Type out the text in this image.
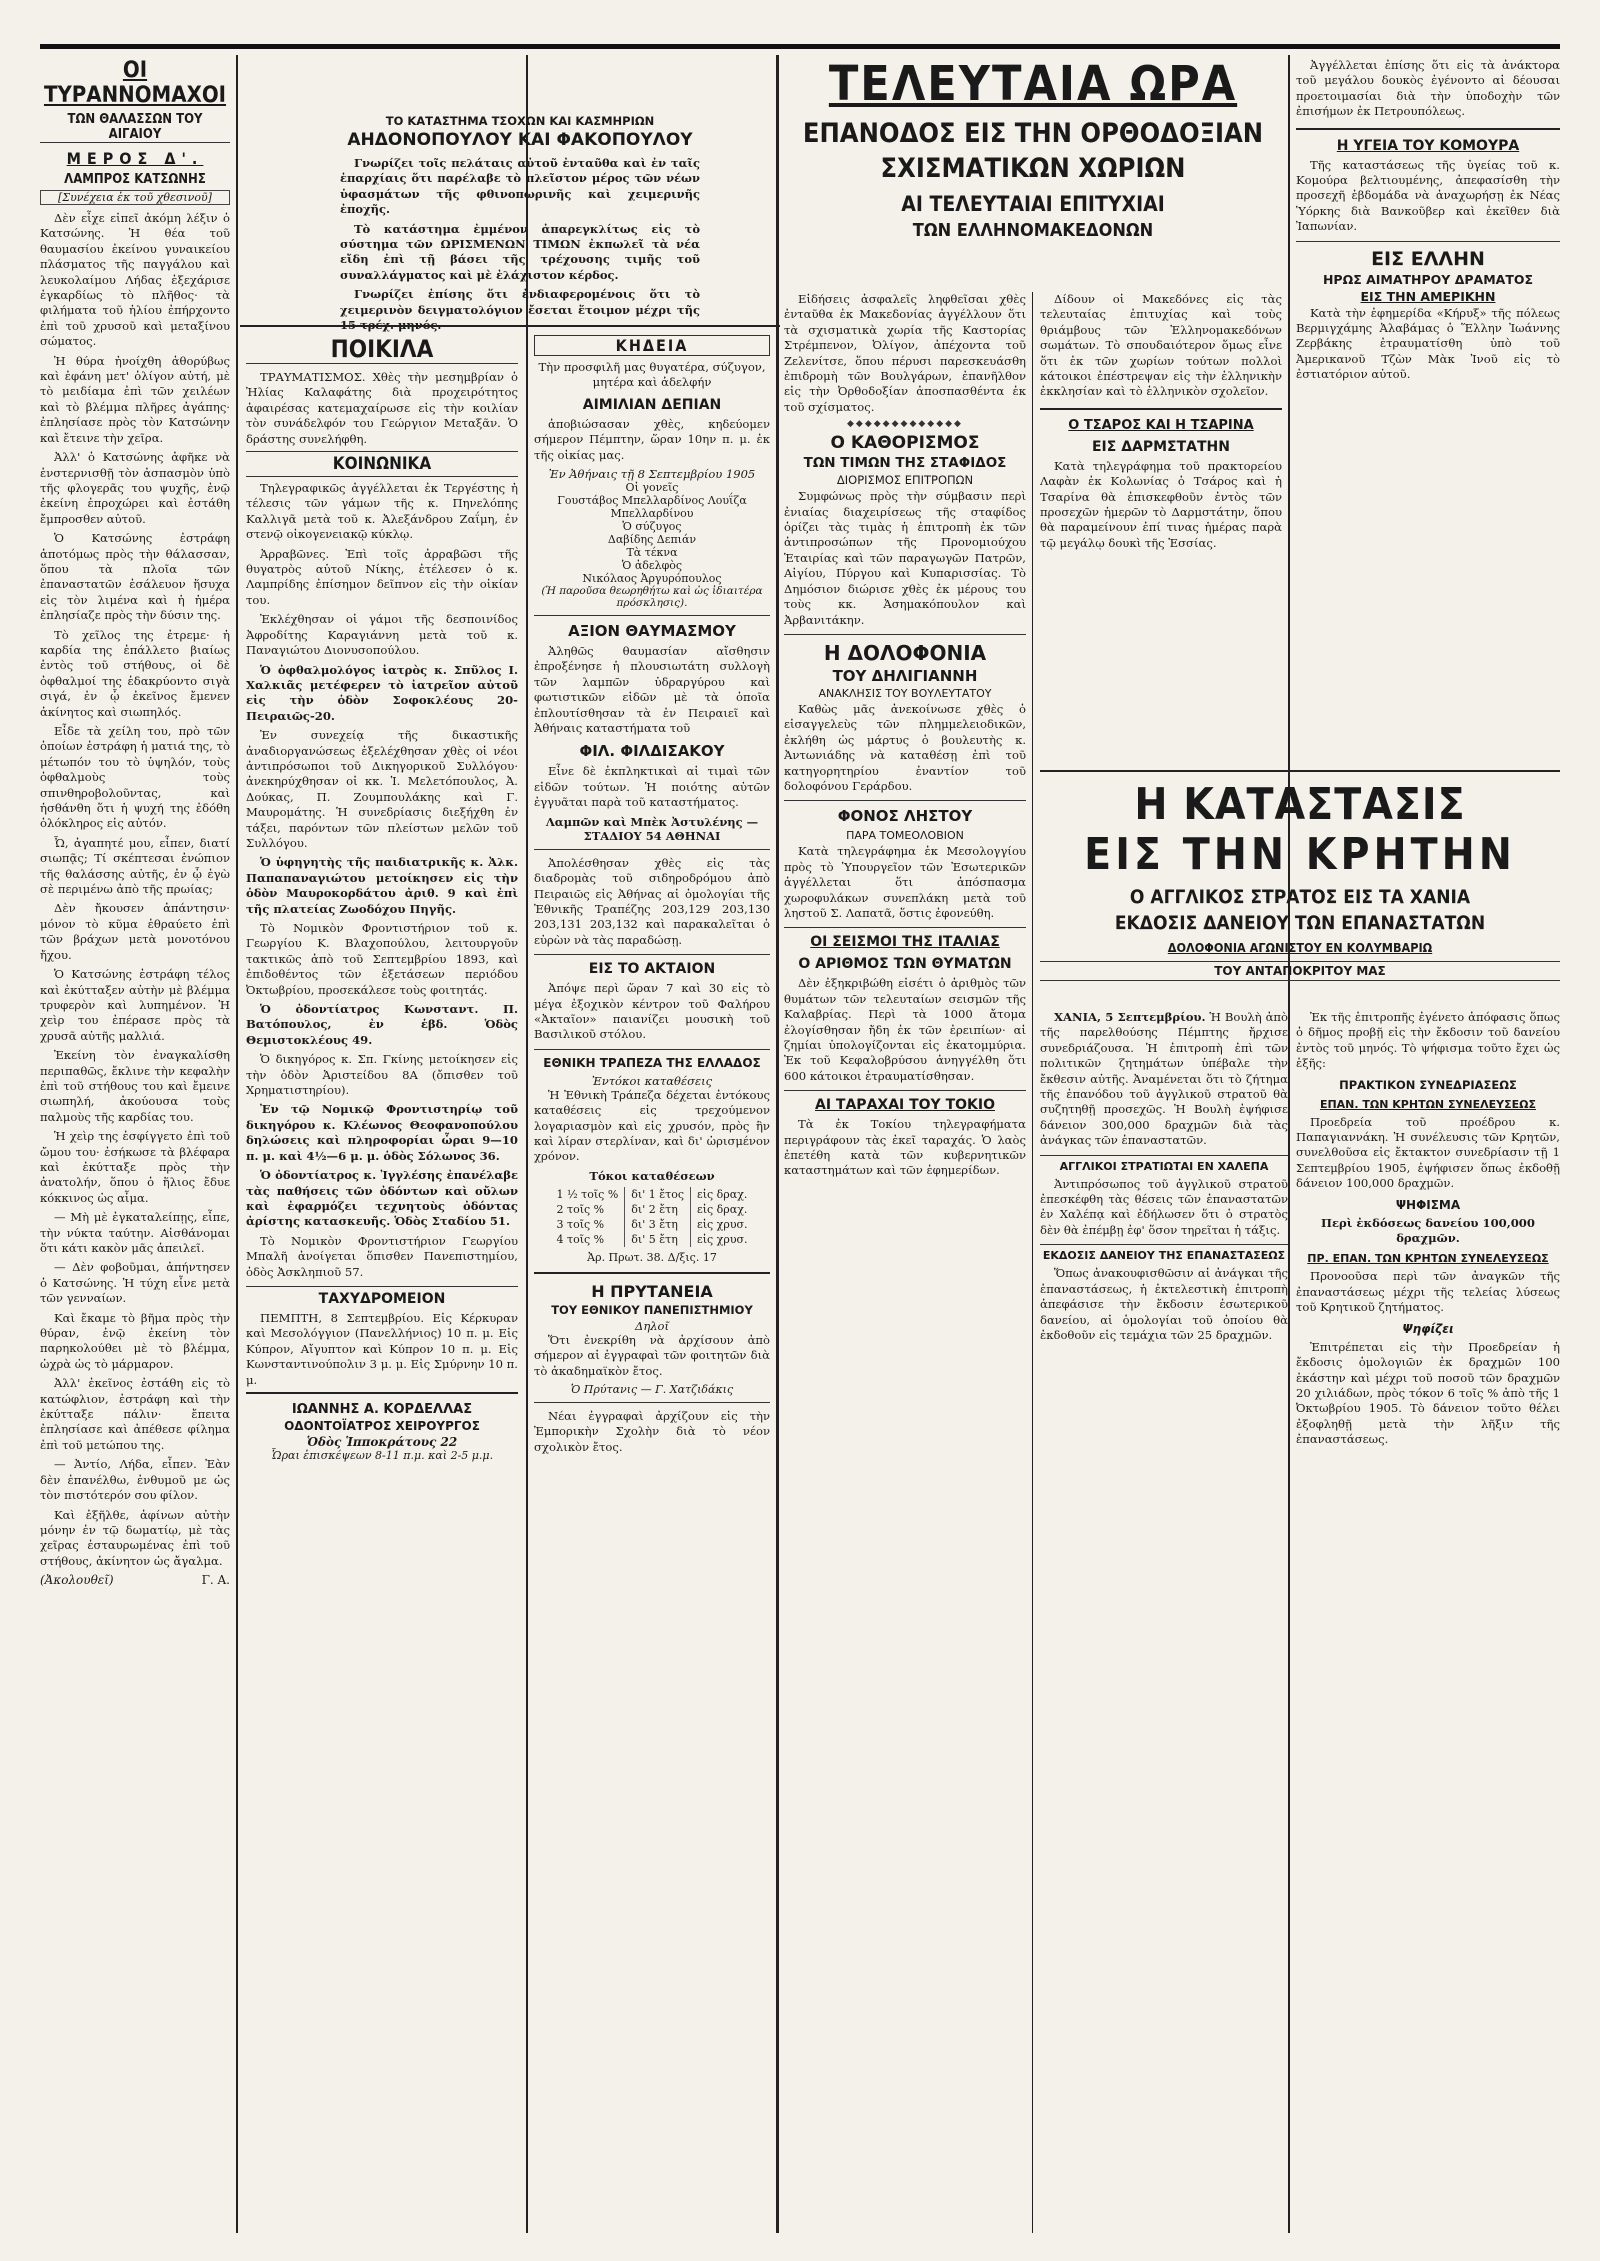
ΟΙ ΤΥΡΑΝΝΟΜΑΧΟΙ
ΤΩΝ ΘΑΛΑΣΣΩΝ ΤΟΥ ΑΙΓΑΙΟΥ
ΜΕΡΟΣ Δ'.
ΛΑΜΠΡΟΣ ΚΑΤΣΩΝΗΣ
[Συνέχεια ἐκ τοῦ χθεσινοῦ]

Δὲν εἶχε εἰπεῖ ἀκόμη λέξιν ὁ Κατσώνης. Ἡ θέα τοῦ θαυμασίου ἐκείνου γυναικείου πλάσματος τῆς παγγάλου καὶ λευκολαίμου Λήδας ἐξεχάρισε ἐγκαρδίως τὸ πλῆθος· τὰ φιλήματα τοῦ ἡλίου ἐπήρχοντο ἐπὶ τοῦ χρυσοῦ καὶ μεταξίνου σώματος.

Ἡ θύρα ἠνοίχθη ἀθορύβως καὶ ἐφάνη μετ' ὀλίγον αὐτή, μὲ τὸ μειδίαμα ἐπὶ τῶν χειλέων καὶ τὸ βλέμμα πλῆρες ἀγάπης· ἐπλησίασε πρὸς τὸν Κατσώνην καὶ ἔτεινε τὴν χεῖρα.

Ἀλλ' ὁ Κατσώνης ἀφῆκε νὰ ἐνστερνισθῇ τὸν ἀσπασμὸν ὑπὸ τῆς φλογερᾶς του ψυχῆς, ἐνῷ ἐκείνη ἐπροχώρει καὶ ἐστάθη ἔμπροσθεν αὐτοῦ.

Ὁ Κατσώνης ἐστράφη ἀποτόμως πρὸς τὴν θάλασσαν, ὅπου τὰ πλοῖα τῶν ἐπαναστατῶν ἐσάλευον ἥσυχα εἰς τὸν λιμένα καὶ ἡ ἡμέρα ἐπλησίαζε πρὸς τὴν δύσιν της.

Τὸ χεῖλος της ἐτρεμε· ἡ καρδία της ἐπάλλετο βιαίως ἐντὸς τοῦ στήθους, οἱ δὲ ὀφθαλμοί της ἐδακρύοντο σιγὰ σιγά, ἐν ᾧ ἐκεῖνος ἔμενεν ἀκίνητος καὶ σιωπηλός.

Εἶδε τὰ χείλη του, πρὸ τῶν ὁποίων ἐστράφη ἡ ματιά της, τὸ μέτωπόν του τὸ ὑψηλόν, τοὺς ὀφθαλμοὺς τοὺς σπινθηροβολοῦντας, καὶ ἠσθάνθη ὅτι ἡ ψυχή της ἐδόθη ὁλόκληρος εἰς αὐτόν.

Ὦ, ἀγαπητέ μου, εἶπεν, διατί σιωπᾷς; Τί σκέπτεσαι ἐνώπιον τῆς θαλάσσης αὐτῆς, ἐν ᾧ ἐγὼ σὲ περιμένω ἀπὸ τῆς πρωίας;

Δὲν ἤκουσεν ἀπάντησιν· μόνον τὸ κῦμα ἐθραύετο ἐπὶ τῶν βράχων μετὰ μονοτόνου ἤχου.

Ὁ Κατσώνης ἐστράφη τέλος καὶ ἐκύτταξεν αὐτὴν μὲ βλέμμα τρυφερὸν καὶ λυπημένον. Ἡ χεὶρ του ἐπέρασε πρὸς τὰ χρυσᾶ αὐτῆς μαλλιά.

Ἐκείνη τὸν ἐναγκαλίσθη περιπαθῶς, ἔκλινε τὴν κεφαλὴν ἐπὶ τοῦ στήθους του καὶ ἔμεινε σιωπηλή, ἀκούουσα τοὺς παλμοὺς τῆς καρδίας του.

Ἡ χεὶρ της ἐσφίγγετο ἐπὶ τοῦ ὤμου του· ἐσήκωσε τὰ βλέφαρα καὶ ἐκύτταξε πρὸς τὴν ἀνατολήν, ὅπου ὁ ἥλιος ἔδυε κόκκινος ὡς αἷμα.

— Μὴ μὲ ἐγκαταλείπῃς, εἶπε, τὴν νύκτα ταύτην. Αἰσθάνομαι ὅτι κάτι κακὸν μᾶς ἀπειλεῖ.

— Δὲν φοβοῦμαι, ἀπήντησεν ὁ Κατσώνης. Ἡ τύχη εἶνε μετὰ τῶν γενναίων.

Καὶ ἔκαμε τὸ βῆμα πρὸς τὴν θύραν, ἐνῷ ἐκείνη τὸν παρηκολούθει μὲ τὸ βλέμμα, ὠχρὰ ὡς τὸ μάρμαρον.

Ἀλλ' ἐκεῖνος ἐστάθη εἰς τὸ κατώφλιον, ἐστράφη καὶ τὴν ἐκύτταξε πάλιν· ἔπειτα ἐπλησίασε καὶ ἀπέθεσε φίλημα ἐπὶ τοῦ μετώπου της.

— Ἀντίο, Λήδα, εἶπεν. Ἐὰν δὲν ἐπανέλθω, ἐνθυμοῦ με ὡς τὸν πιστότερόν σου φίλον.

Καὶ ἐξῆλθε, ἀφίνων αὐτὴν μόνην ἐν τῷ δωματίῳ, μὲ τὰς χεῖρας ἐσταυρωμένας ἐπὶ τοῦ στήθους, ἀκίνητον ὡς ἄγαλμα.

(Ἀκολουθεῖ)	Γ. Α.
ΤΟ ΚΑΤΑΣΤΗΜΑ ΤΣΟΧΩΝ ΚΑΙ ΚΑΣΜΗΡΙΩΝ
ΑΗΔΟΝΟΠΟΥΛΟΥ ΚΑΙ ΦΑΚΟΠΟΥΛΟΥ

Γνωρίζει τοῖς πελάταις αὐτοῦ ἐνταῦθα καὶ ἐν ταῖς ἐπαρχίαις ὅτι παρέλαβε τὸ πλεῖστον μέρος τῶν νέων ὑφασμάτων τῆς φθινοπωρινῆς καὶ χειμερινῆς ἐποχῆς.

Τὸ κατάστημα ἐμμένον ἀπαρεγκλίτως εἰς τὸ σύστημα τῶν ΩΡΙΣΜΕΝΩΝ ΤΙΜΩΝ ἐκπωλεῖ τὰ νέα εἴδη ἐπὶ τῇ βάσει τῆς τρέχουσης τιμῆς τοῦ συναλλάγματος καὶ μὲ ἐλάχιστον κέρδος.

Γνωρίζει ἐπίσης ὅτι ἐνδιαφερομένοις ὅτι τὸ χειμερινὸν δειγματολόγιον ἔσεται ἕτοιμον μέχρι τῆς

ΠΟΙΚΙΛΑ

ΤΡΑΥΜΑΤΙΣΜΟΣ. Χθὲς τὴν μεσημβρίαν ὁ Ἠλίας Καλαφάτης διὰ προχειρότητος ἀφαιρέσας κατεμαχαίρωσε εἰς τὴν κοιλίαν τὸν συνάδελφόν του Γεώργιον Μεταξᾶν. Ὁ δράστης συνελήφθη.

ΚΟΙΝΩΝΙΚΑ

Τηλεγραφικῶς ἀγγέλλεται ἐκ Τεργέστης ἡ τέλεσις τῶν γάμων τῆς κ. Πηνελόπης Καλλιγᾶ μετὰ τοῦ κ. Ἀλεξάνδρου Ζαΐμη, ἐν στενῷ οἰκογενειακῷ κύκλῳ.

Ἀρραβῶνες. Ἐπὶ τοῖς ἀρραβῶσι τῆς θυγατρὸς αὐτοῦ Νίκης, ἐτέλεσεν ὁ κ. Λαμπρίδης ἐπίσημον δεῖπνον εἰς τὴν οἰκίαν του.

Ἐκλέχθησαν οἱ γάμοι τῆς δεσποινίδος Ἀφροδίτης Καραγιάννη μετὰ τοῦ κ. Παναγιώτου Διονυσοπούλου.

Ὁ ὀφθαλμολόγος ἰατρὸς κ. Σπῦλος Ι. Χαλκιᾶς μετέφερεν τὸ ἰατρεῖον αὐτοῦ εἰς τὴν ὁδὸν Σοφοκλέους 20-Πειραιῶς-20.

Ἐν συνεχείᾳ τῆς δικαστικῆς ἀναδιοργανώσεως ἐξελέχθησαν χθὲς οἱ νέοι ἀντιπρόσωποι τοῦ Δικηγορικοῦ Συλλόγου· ἀνεκηρύχθησαν οἱ κκ. Ἰ. Μελετόπουλος, Ἀ. Δούκας, Π. Ζουμπουλάκης καὶ Γ. Μαυρομάτης. Ἡ συνεδρίασις διεξήχθη ἐν τάξει, παρόντων τῶν πλείστων μελῶν τοῦ Συλλόγου.

Ὁ ὑφηγητὴς τῆς παιδιατρικῆς κ. Ἀλκ. Παπαπαναγιώτου μετοίκησεν εἰς τὴν ὁδὸν Μαυροκορδάτου ἀριθ. 9 καὶ ἐπὶ τῆς πλατείας Ζωοδόχου Πηγῆς.

Τὸ Νομικὸν Φροντιστήριον τοῦ κ. Γεωργίου Κ. Βλαχοπούλου, λειτουργοῦν τακτικῶς ἀπὸ τοῦ Σεπτεμβρίου 1893, καὶ ἐπιδοθέντος τῶν ἐξετάσεων περιόδου Ὀκτωβρίου, προσεκάλεσε τοὺς φοιτητάς.

Ὁ ὀδοντίατρος Κωνσταντ. Π. Βατόπουλος, ἐν ἑβδ. Ὁδὸς Θεμιστοκλέους 49.

Ὁ δικηγόρος κ. Σπ. Γκίνης μετοίκησεν εἰς τὴν ὁδὸν Ἀριστείδου 8Α (ὄπισθεν τοῦ Χρηματιστηρίου).

Ἐν τῷ Νομικῷ Φροντιστηρίῳ τοῦ δικηγόρου κ. Κλέωνος Θεοφανοπούλου δηλώσεις καὶ πληροφορίαι ὧραι 9—10 π. μ. καὶ 4½—6 μ. μ. ὁδὸς Σόλωνος 36.

Ὁ ὀδοντίατρος κ. Ἰγγλέσης ἐπανέλαβε τὰς παθήσεις τῶν ὀδόντων καὶ οὔλων καὶ ἐφαρμόζει τεχνητοὺς ὀδόντας ἀρίστης κατασκευῆς. Ὁδὸς Σταδίου 51.

Τὸ Νομικὸν Φροντιστήριον Γεωργίου Μπαλῆ ἀνοίγεται ὅπισθεν Πανεπιστημίου, ὁδὸς Ἀσκληπιοῦ 57.

ΤΑΧΥΔΡΟΜΕΙΟΝ

ΠΕΜΠΤΗ, 8 Σεπτεμβρίου. Εἰς Κέρκυραν καὶ Μεσολόγγιον (Πανελλήνιος) 10 π. μ. Εἰς Κύπρον, Αἴγυπτον καὶ Κύπρον 10 π. μ. Εἰς Κωνσταντινούπολιν 3 μ. μ. Εἰς Σμύρνην 10 π. μ.

ΙΩΑΝΝΗΣ Α. ΚΟΡΔΕΛΛΑΣ
ΟΔΟΝΤΟΪΑΤΡΟΣ ΧΕΙΡΟΥΡΓΟΣ
Ὁδὸς Ἱπποκράτους 22
Ὧραι ἐπισκέψεων 8-11 π.μ. καὶ 2-5 μ.μ.
ΚΗΔΕΙΑ

Τὴν προσφιλῆ μας θυγατέρα, σύζυγον, μητέρα καὶ ἀδελφήν

ΑΙΜΙΛΙΑΝ ΔΕΠΙΑΝ

ἀποβιώσασαν χθὲς, κηδεύομεν σήμερον Πέμπτην, ὥραν 10ην π. μ. ἐκ τῆς οἰκίας μας.

Ἐν Ἀθήναις τῇ 8 Σεπτεμβρίου 1905
Οἱ γονεῖς
Γουστάβος Μπελλαρδίνος Λουΐζα Μπελλαρδίνου
Ὁ σύζυγος
Δαβίδης Δεπιάν
Τὰ τέκνα
Ὁ ἀδελφὸς
Νικόλαος Ἀργυρόπουλος
(Ἡ παροῦσα θεωρηθήτω καὶ ὡς ἰδιαιτέρα πρόσκλησις).
ΑΞΙΟΝ ΘΑΥΜΑΣΜΟΥ

Ἀληθῶς θαυμασίαν αἴσθησιν ἐπροξένησε ἡ πλουσιωτάτη συλλογὴ τῶν λαμπῶν ὑδραργύρου καὶ φωτιστικῶν εἰδῶν μὲ τὰ ὁποῖα ἐπλουτίσθησαν τὰ ἐν Πειραιεῖ καὶ Ἀθήναις καταστήματα τοῦ

ΦΙΛ. ΦΙΛΔΙΣΑΚΟΥ

Εἶνε δὲ ἐκπληκτικαὶ αἱ τιμαὶ τῶν εἰδῶν τούτων. Ἡ ποιότης αὐτῶν ἐγγυᾶται παρὰ τοῦ καταστήματος.

Λαμπῶν καὶ Μπὲκ Ἀστυλένης — ΣΤΑΔΙΟΥ 54 ΑΘΗΝΑΙ

Ἀπολέσθησαν χθὲς εἰς τὰς διαδρομὰς τοῦ σιδηροδρόμου ἀπὸ Πειραιῶς εἰς Ἀθήνας αἱ ὁμολογίαι τῆς Ἐθνικῆς Τραπέζης 203,129 203,130 203,131 203,132 καὶ παρακαλεῖται ὁ εὑρὼν νὰ τὰς παραδώσῃ.

ΕΙΣ ΤΟ ΑΚΤΑΙΟΝ

Ἀπόψε περὶ ὥραν 7 καὶ 30 εἰς τὸ μέγα ἐξοχικὸν κέντρον τοῦ Φαλήρου «Ἀκταῖον» παιανίζει μουσικὴ τοῦ Βασιλικοῦ στόλου.

ΕΘΝΙΚΗ ΤΡΑΠΕΖΑ ΤΗΣ ΕΛΛΑΔΟΣ
Ἐντόκοι καταθέσεις

Ἡ Ἐθνικὴ Τράπεζα δέχεται ἐντόκους καταθέσεις εἰς τρεχούμενον λογαριασμὸν καὶ εἰς χρυσόν, πρὸς ἣν καὶ λίραν στερλίναν, καὶ δι' ὡρισμένον χρόνον.

Τόκοι καταθέσεων
1 ½ τοῖς %	δι' 1 ἔτος	εἰς δραχ.
2 τοῖς %	δι' 2 ἔτη	εἰς δραχ.
3 τοῖς %	δι' 3 ἔτη	εἰς χρυσ.
4 τοῖς %	δι' 5 ἔτη	εἰς χρυσ.
Ἀρ. Πρωτ. 38. Δ/ξις. 17
Η ΠΡΥΤΑΝΕΙΑ
ΤΟΥ ΕΘΝΙΚΟΥ ΠΑΝΕΠΙΣΤΗΜΙΟΥ
Δηλοῖ

Ὅτι ἐνεκρίθη νὰ ἀρχίσουν ἀπὸ σήμερον αἱ ἐγγραφαὶ τῶν φοιτητῶν διὰ τὸ ἀκαδημαϊκὸν ἔτος.

Ὁ Πρύτανις — Γ. Χατζιδάκις

Νέαι ἐγγραφαὶ ἀρχίζουν εἰς τὴν Ἐμπορικὴν Σχολὴν διὰ τὸ νέον σχολικὸν ἔτος.

ΤΕΛΕΥΤΑΙΑ ΩΡΑ
ΕΠΑΝΟΔΟΣ ΕΙΣ ΤΗΝ ΟΡΘΟΔΟΞΙΑΝ
ΣΧΙΣΜΑΤΙΚΩΝ ΧΩΡΙΩΝ
ΑΙ ΤΕΛΕΥΤΑΙΑΙ ΕΠΙΤΥΧΙΑΙ
ΤΩΝ ΕΛΛΗΝΟΜΑΚΕΔΟΝΩΝ

Εἰδήσεις ἀσφαλεῖς ληφθεῖσαι χθὲς ἐνταῦθα ἐκ Μακεδονίας ἀγγέλλουν ὅτι τὰ σχισματικὰ χωρία τῆς Καστορίας Στρέμπενον, Ὀλίγον, ἀπέχοντα τοῦ Ζελενίτσε, ὅπου πέρυσι παρεσκευάσθη ἐπιδρομὴ τῶν Βουλγάρων, ἐπανῆλθον εἰς τὴν Ὀρθοδοξίαν ἀποσπασθέντα ἐκ τοῦ σχίσματος.

◆◆◆◆◆◆◆◆◆◆◆◆◆
Ο ΚΑΘΟΡΙΣΜΟΣ
ΤΩΝ ΤΙΜΩΝ ΤΗΣ ΣΤΑΦΙΔΟΣ
ΔΙΟΡΙΣΜΟΣ ΕΠΙΤΡΟΠΩΝ

Συμφώνως πρὸς τὴν σύμβασιν περὶ ἐνιαίας διαχειρίσεως τῆς σταφίδος ὁρίζει τὰς τιμὰς ἡ ἐπιτροπὴ ἐκ τῶν ἀντιπροσώπων τῆς Προνομιούχου Ἑταιρίας καὶ τῶν παραγωγῶν Πατρῶν, Αἰγίου, Πύργου καὶ Κυπαρισσίας. Τὸ Δημόσιον διώρισε χθὲς ἐκ μέρους του τοὺς κκ. Ἀσημακόπουλον καὶ Ἀρβανιτάκην.

Η ΔΟΛΟΦΟΝΙΑ
ΤΟΥ ΔΗΛΙΓΙΑΝΝΗ
ΑΝΑΚΛΗΣΙΣ ΤΟΥ ΒΟΥΛΕΥΤΑΤΟΥ

Καθὼς μᾶς ἀνεκοίνωσε χθὲς ὁ εἰσαγγελεὺς τῶν πλημμελειοδικῶν, ἐκλήθη ὡς μάρτυς ὁ βουλευτὴς κ. Ἀντωνιάδης νὰ καταθέσῃ ἐπὶ τοῦ κατηγορητηρίου ἐναντίον τοῦ δολοφόνου Γεράρδου.

ΦΟΝΟΣ ΛΗΣΤΟΥ
ΠΑΡΑ ΤΟΜΕΟΛΟΒΙΟΝ

Κατὰ τηλεγράφημα ἐκ Μεσολογγίου πρὸς τὸ Ὑπουργεῖον τῶν Ἐσωτερικῶν ἀγγέλλεται ὅτι ἀπόσπασμα χωροφυλάκων συνεπλάκη μετὰ τοῦ ληστοῦ Σ. Λαπατᾶ, ὅστις ἐφονεύθη.

ΟΙ ΣΕΙΣΜΟΙ ΤΗΣ ΙΤΑΛΙΑΣ
Ο ΑΡΙΘΜΟΣ ΤΩΝ ΘΥΜΑΤΩΝ

Δὲν ἐξηκριβώθη εἰσέτι ὁ ἀριθμὸς τῶν θυμάτων τῶν τελευταίων σεισμῶν τῆς Καλαβρίας. Περὶ τὰ 1000 ἄτομα ἐλογίσθησαν ἤδη ἐκ τῶν ἐρειπίων· αἱ ζημίαι ὑπολογίζονται εἰς ἑκατομμύρια. Ἐκ τοῦ Κεφαλοβρύσου ἀνηγγέλθη ὅτι 600 κάτοικοι ἐτραυματίσθησαν.

ΑΙ ΤΑΡΑΧΑΙ ΤΟΥ ΤΟΚΙΟ

Τὰ ἐκ Τοκίου τηλεγραφήματα περιγράφουν τὰς ἐκεῖ ταραχάς. Ὁ λαὸς ἐπετέθη κατὰ τῶν κυβερνητικῶν καταστημάτων καὶ τῶν ἐφημερίδων.

Δίδουν οἱ Μακεδόνες εἰς τὰς τελευταίας ἐπιτυχίας καὶ τοὺς θριάμβους τῶν Ἑλληνομακεδόνων σωμάτων. Τὸ σπουδαιότερον ὅμως εἶνε ὅτι ἐκ τῶν χωρίων τούτων πολλοὶ κάτοικοι ἐπέστρεψαν εἰς τὴν ἑλληνικὴν ἐκκλησίαν καὶ τὸ ἑλληνικὸν σχολεῖον.

Ο ΤΣΑΡΟΣ ΚΑΙ Η ΤΣΑΡΙΝΑ
ΕΙΣ ΔΑΡΜΣΤΑΤΗΝ

Κατὰ τηλεγράφημα τοῦ πρακτορείου Λαφὰν ἐκ Κολωνίας ὁ Τσάρος καὶ ἡ Τσαρίνα θὰ ἐπισκεφθοῦν ἐντὸς τῶν προσεχῶν ἡμερῶν τὸ Δαρμστάτην, ὅπου θὰ παραμείνουν ἐπί τινας ἡμέρας παρὰ τῷ μεγάλῳ δουκὶ τῆς Ἑσσίας.

Ἀγγέλλεται ἐπίσης ὅτι εἰς τὰ ἀνάκτορα τοῦ μεγάλου δουκὸς ἐγένοντο αἱ δέουσαι προετοιμασίαι διὰ τὴν ὑποδοχὴν τῶν ἐπισήμων ἐκ Πετρουπόλεως.

Η ΥΓΕΙΑ ΤΟΥ ΚΟΜΟΥΡΑ

Τῆς καταστάσεως τῆς ὑγείας τοῦ κ. Κομούρα βελτιουμένης, ἀπεφασίσθη τὴν προσεχῆ ἑβδομάδα νὰ ἀναχωρήσῃ ἐκ Νέας Ὑόρκης διὰ Βανκοῦβερ καὶ ἐκεῖθεν διὰ Ἰαπωνίαν.

ΕΙΣ ΕΛΛΗΝ
ΗΡΩΣ ΑΙΜΑΤΗΡΟΥ ΔΡΑΜΑΤΟΣ
ΕΙΣ ΤΗΝ ΑΜΕΡΙΚΗΝ

Κατὰ τὴν ἐφημερίδα «Κήρυξ» τῆς πόλεως Βερμιγχάμης Ἀλαβάμας ὁ Ἕλλην Ἰωάννης Ζερβάκης ἐτραυματίσθη ὑπὸ τοῦ Ἀμερικανοῦ Τζὼν Μὰκ Ἰνοῦ εἰς τὸ ἐστιατόριον αὐτοῦ.

Η ΚΑΤΑΣΤΑΣΙΣ
ΕΙΣ ΤΗΝ ΚΡΗΤΗΝ
Ο ΑΓΓΛΙΚΟΣ ΣΤΡΑΤΟΣ ΕΙΣ ΤΑ ΧΑΝΙΑ
ΕΚΔΟΣΙΣ ΔΑΝΕΙΟΥ ΤΩΝ ΕΠΑΝΑΣΤΑΤΩΝ
ΔΟΛΟΦΟΝΙΑ ΑΓΩΝΙΣΤΟΥ ΕΝ ΚΟΛΥΜΒΑΡΙΩ
ΤΟΥ ΑΝΤΑΠΟΚΡΙΤΟΥ ΜΑΣ

ΧΑΝΙΑ, 5 Σεπτεμβρίου. Ἡ Βουλὴ ἀπὸ τῆς παρελθούσης Πέμπτης ἤρχισε συνεδριάζουσα. Ἡ ἐπιτροπὴ ἐπὶ τῶν πολιτικῶν ζητημάτων ὑπέβαλε τὴν ἔκθεσιν αὐτῆς. Ἀναμένεται ὅτι τὸ ζήτημα τῆς ἐπανόδου τοῦ ἀγγλικοῦ στρατοῦ θὰ συζητηθῇ προσεχῶς. Ἡ Βουλὴ ἐψήφισε δάνειον 300,000 δραχμῶν διὰ τὰς ἀνάγκας τῶν ἐπαναστατῶν.

ΑΓΓΛΙΚΟΙ ΣΤΡΑΤΙΩΤΑΙ ΕΝ ΧΑΛΕΠΑ

Ἀντιπρόσωπος τοῦ ἀγγλικοῦ στρατοῦ ἐπεσκέφθη τὰς θέσεις τῶν ἐπαναστατῶν ἐν Χαλέπᾳ καὶ ἐδήλωσεν ὅτι ὁ στρατὸς δὲν θὰ ἐπέμβῃ ἐφ' ὅσον τηρεῖται ἡ τάξις.

ΕΚΔΟΣΙΣ ΔΑΝΕΙΟΥ ΤΗΣ ΕΠΑΝΑΣΤΑΣΕΩΣ

Ὅπως ἀνακουφισθῶσιν αἱ ἀνάγκαι τῆς ἐπαναστάσεως, ἡ ἐκτελεστικὴ ἐπιτροπὴ ἀπεφάσισε τὴν ἔκδοσιν ἐσωτερικοῦ δανείου, αἱ ὁμολογίαι τοῦ ὁποίου θὰ ἐκδοθοῦν εἰς τεμάχια τῶν 25 δραχμῶν.

Ἐκ τῆς ἐπιτροπῆς ἐγένετο ἀπόφασις ὅπως ὁ δῆμος προβῇ εἰς τὴν ἔκδοσιν τοῦ δανείου ἐντὸς τοῦ μηνός. Τὸ ψήφισμα τοῦτο ἔχει ὡς ἑξῆς:

ΠΡΑΚΤΙΚΟΝ ΣΥΝΕΔΡΙΑΣΕΩΣ
ΕΠΑΝ. ΤΩΝ ΚΡΗΤΩΝ ΣΥΝΕΛΕΥΣΕΩΣ

Προεδρεία τοῦ προέδρου κ. Παπαγιαννάκη. Ἡ συνέλευσις τῶν Κρητῶν, συνελθοῦσα εἰς ἔκτακτον συνεδρίασιν τῇ 1 Σεπτεμβρίου 1905, ἐψήφισεν ὅπως ἐκδοθῇ δάνειον 100,000 δραχμῶν.

ΨΗΦΙΣΜΑ

Περὶ ἐκδόσεως δανείου 100,000 δραχμῶν.

ΠΡ. ΕΠΑΝ. ΤΩΝ ΚΡΗΤΩΝ ΣΥΝΕΛΕΥΣΕΩΣ

Προνοοῦσα περὶ τῶν ἀναγκῶν τῆς ἐπαναστάσεως μέχρι τῆς τελείας λύσεως τοῦ Κρητικοῦ ζητήματος.

Ψηφίζει

Ἐπιτρέπεται εἰς τὴν Προεδρείαν ἡ ἔκδοσις ὁμολογιῶν ἐκ δραχμῶν 100 ἑκάστην καὶ μέχρι τοῦ ποσοῦ τῶν δραχμῶν 20 χιλιάδων, πρὸς τόκον 6 τοῖς % ἀπὸ τῆς 1 Ὀκτωβρίου 1905. Τὸ δάνειον τοῦτο θέλει ἐξοφληθῇ μετὰ τὴν λῆξιν τῆς ἐπαναστάσεως.
